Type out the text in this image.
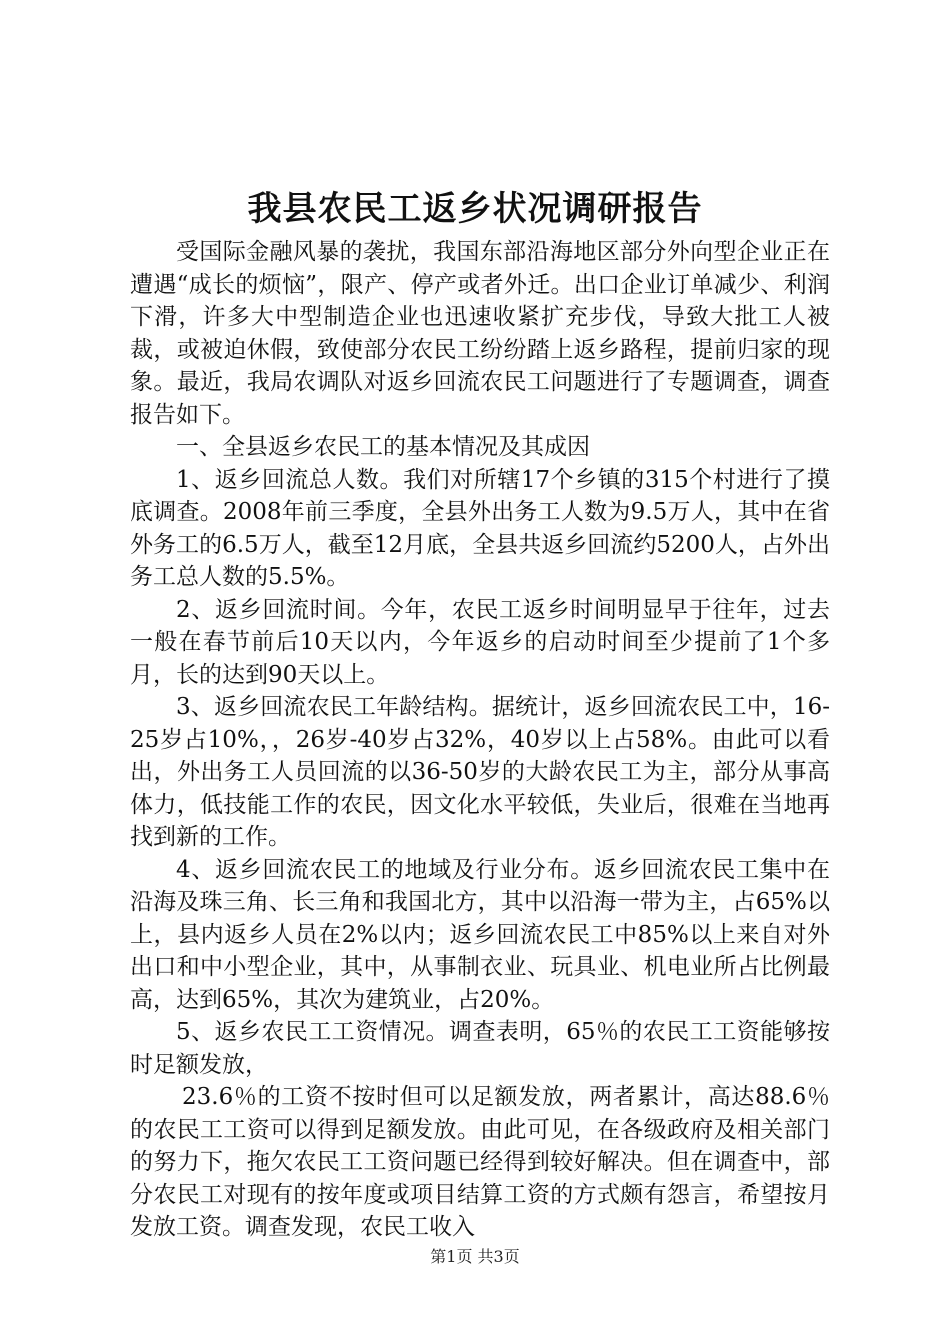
我县农民工返乡状况调研报告

受国际金融风暴的袭扰，我国东部沿海地区部分外向型企业正在遭遇“成长的烦恼”，限产、停产或者外迁。出口企业订单减少、利润下滑，许多大中型制造企业也迅速收紧扩充步伐，导致大批工人被裁，或被迫休假，致使部分农民工纷纷踏上返乡路程，提前归家的现象。最近，我局农调队对返乡回流农民工问题进行了专题调查，调查报告如下。

一、全县返乡农民工的基本情况及其成因

1、返乡回流总人数。我们对所辖17个乡镇的315个村进行了摸底调查。2008年前三季度，全县外出务工人数为9.5万人，其中在省外务工的6.5万人，截至12月底，全县共返乡回流约5200人，占外出务工总人数的5.5%。

2、返乡回流时间。今年，农民工返乡时间明显早于往年，过去一般在春节前后10天以内，今年返乡的启动时间至少提前了1个多月，长的达到90天以上。

3、返乡回流农民工年龄结构。据统计，返乡回流农民工中，16-25岁占10%，，26岁-40岁占32%，40岁以上占58%。由此可以看出，外出务工人员回流的以36-50岁的大龄农民工为主，部分从事高体力，低技能工作的农民，因文化水平较低，失业后，很难在当地再找到新的工作。

4、返乡回流农民工的地域及行业分布。返乡回流农民工集中在沿海及珠三角、长三角和我国北方，其中以沿海一带为主，占65%以上，县内返乡人员在2%以内；返乡回流农民工中85%以上来自对外出口和中小型企业，其中，从事制衣业、玩具业、机电业所占比例最高，达到65%，其次为建筑业，占20%。

5、返乡农民工工资情况。调查表明，65％的农民工工资能够按时足额发放，

23.6％的工资不按时但可以足额发放，两者累计，高达88.6％的农民工工资可以得到足额发放。由此可见，在各级政府及相关部门的努力下，拖欠农民工工资问题已经得到较好解决。但在调查中，部分农民工对现有的按年度或项目结算工资的方式颇有怨言，希望按月发放工资。调查发现，农民工收入

第1页 共3页
